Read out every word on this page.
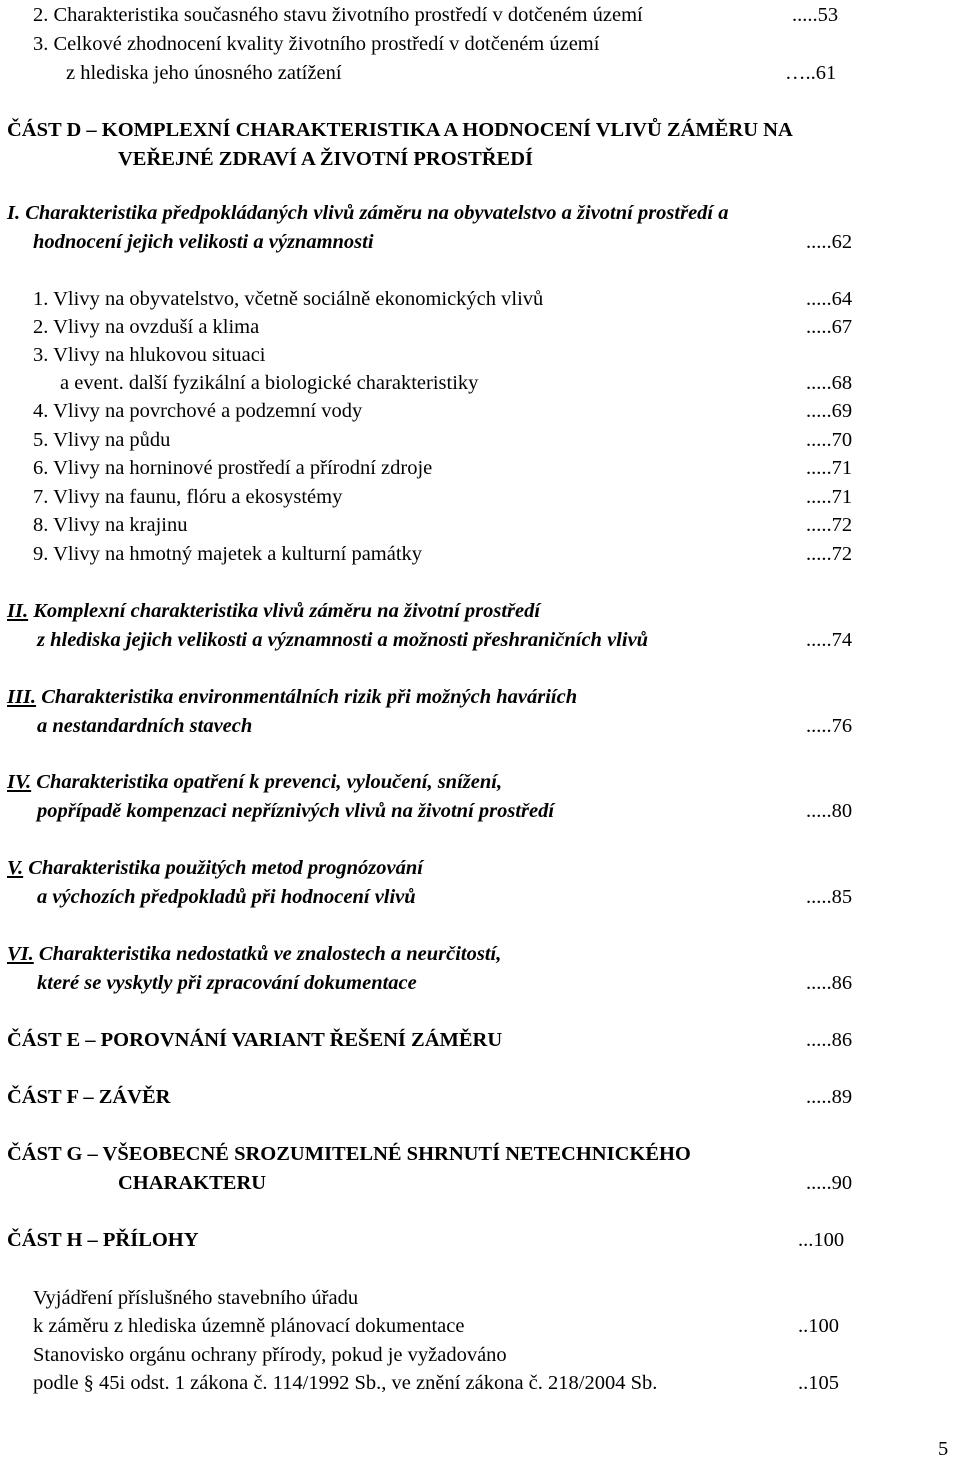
2. Charakteristika současného stavu životního prostředí v dotčeném území	.....53
3. Celkové zhodnocení kvality životního prostředí v dotčeném území
z hlediska jeho únosného zatížení	…..61
ČÁST D – KOMPLEXNÍ CHARAKTERISTIKA A HODNOCENÍ VLIVŮ ZÁMĚRU NA
VEŘEJNÉ ZDRAVÍ A ŽIVOTNÍ PROSTŘEDÍ
I. Charakteristika předpokládaných vlivů záměru na obyvatelstvo a životní prostředí a
hodnocení jejich velikosti a významnosti	.....62
1. Vlivy na obyvatelstvo, včetně sociálně ekonomických vlivů	.....64
2. Vlivy na ovzduší a klima	.....67
3. Vlivy na hlukovou situaci
a event. další fyzikální a biologické charakteristiky	.....68
4. Vlivy na povrchové a podzemní vody	.....69
5. Vlivy na půdu	.....70
6. Vlivy na horninové prostředí a přírodní zdroje	.....71
7. Vlivy na faunu, flóru a ekosystémy	.....71
8. Vlivy na krajinu	.....72
9. Vlivy na hmotný majetek a kulturní památky	.....72
II. Komplexní charakteristika vlivů záměru na životní prostředí
z hlediska jejich velikosti a významnosti a možnosti přeshraničních vlivů	.....74
III. Charakteristika environmentálních rizik při možných haváriích
a nestandardních stavech	.....76
IV. Charakteristika opatření k prevenci, vyloučení, snížení,
popřípadě kompenzaci nepříznivých vlivů na životní prostředí	.....80
V. Charakteristika použitých metod prognózování
a výchozích předpokladů při hodnocení vlivů	.....85
VI. Charakteristika nedostatků ve znalostech a neurčitostí,
které se vyskytly při zpracování dokumentace	.....86
ČÁST E – POROVNÁNÍ VARIANT ŘEŠENÍ ZÁMĚRU	.....86
ČÁST F – ZÁVĚR	.....89
ČÁST G – VŠEOBECNÉ SROZUMITELNÉ SHRNUTÍ NETECHNICKÉHO
CHARAKTERU	.....90
ČÁST H – PŘÍLOHY	...100
Vyjádření příslušného stavebního úřadu
k záměru z hlediska územně plánovací dokumentace	..100
Stanovisko orgánu ochrany přírody, pokud je vyžadováno
podle § 45i odst. 1 zákona č. 114/1992 Sb., ve znění zákona č. 218/2004 Sb.	..105
5
